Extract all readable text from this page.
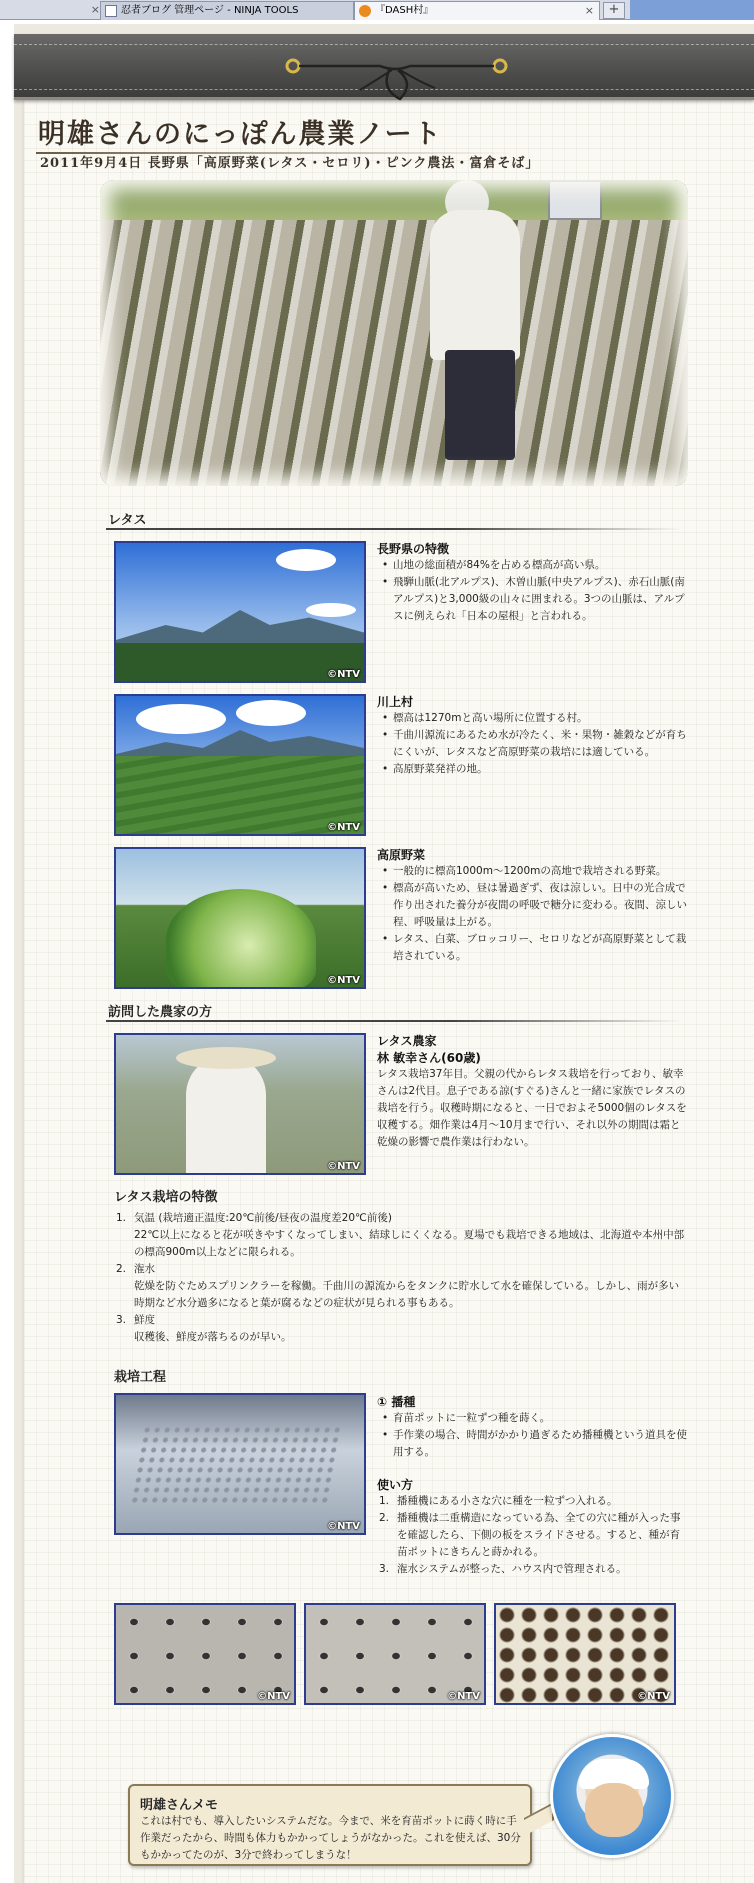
忍者ブログ 管理ページ - NINJA TOOLS
×	『DASH村』	×	+
明雄さんのにっぽん農業ノート
2011年9月4日 長野県「高原野菜(レタス・セロリ)・ピンク農法・富倉そば」
レタス
©NTV
長野県の特徴
• 山地の総面積が84%を占める標高が高い県。
• 飛騨山脈(北アルプス)、木曽山脈(中央アルプス)、赤石山脈(南アルプス)と3,000級の山々に囲まれる。3つの山脈は、アルプスに例えられ「日本の屋根」と言われる。
©NTV
川上村
• 標高は1270mと高い場所に位置する村。
• 千曲川源流にあるため水が冷たく、米・果物・雑穀などが育ちにくいが、レタスなど高原野菜の栽培には適している。
• 高原野菜発祥の地。
©NTV
高原野菜
• 一般的に標高1000m〜1200mの高地で栽培される野菜。
• 標高が高いため、昼は暑過ぎず、夜は涼しい。日中の光合成で作り出された養分が夜間の呼吸で糖分に変わる。夜間、涼しい程、呼吸量は上がる。
• レタス、白菜、ブロッコリー、セロリなどが高原野菜として栽培されている。
訪問した農家の方
©NTV
レタス農家
林 敏幸さん(60歳)
レタス栽培37年目。父親の代からレタス栽培を行っており、敏幸さんは2代目。息子である諒(すぐる)さんと一緒に家族でレタスの栽培を行う。収穫時期になると、一日でおよそ5000個のレタスを収穫する。畑作業は4月〜10月まで行い、それ以外の期間は霜と乾燥の影響で農作業は行わない。
レタス栽培の特徴
1. 気温 (栽培適正温度:20℃前後/昼夜の温度差20℃前後)
22℃以上になると花が咲きやすくなってしまい、結球しにくくなる。夏場でも栽培できる地域は、北海道や本州中部の標高900m以上などに限られる。
2. 潅水
乾燥を防ぐためスプリンクラーを稼働。千曲川の源流からをタンクに貯水して水を確保している。しかし、雨が多い時期など水分過多になると葉が腐るなどの症状が見られる事もある。
3. 鮮度
収穫後、鮮度が落ちるのが早い。
栽培工程
©NTV
① 播種
• 育苗ポットに一粒ずつ種を蒔く。
• 手作業の場合、時間がかかり過ぎるため播種機という道具を使用する。
使い方
1. 播種機にある小さな穴に種を一粒ずつ入れる。
2. 播種機は二重構造になっている為、全ての穴に種が入った事を確認したら、下側の板をスライドさせる。すると、種が育苗ポットにきちんと蒔かれる。
3. 潅水システムが整った、ハウス内で管理される。
©NTV	©NTV	©NTV
明雄さんメモ
これは村でも、導入したいシステムだな。今まで、米を育苗ポットに蒔く時に手作業だったから、時間も体力もかかってしょうがなかった。これを使えば、30分もかかってたのが、3分で終わってしまうな！
